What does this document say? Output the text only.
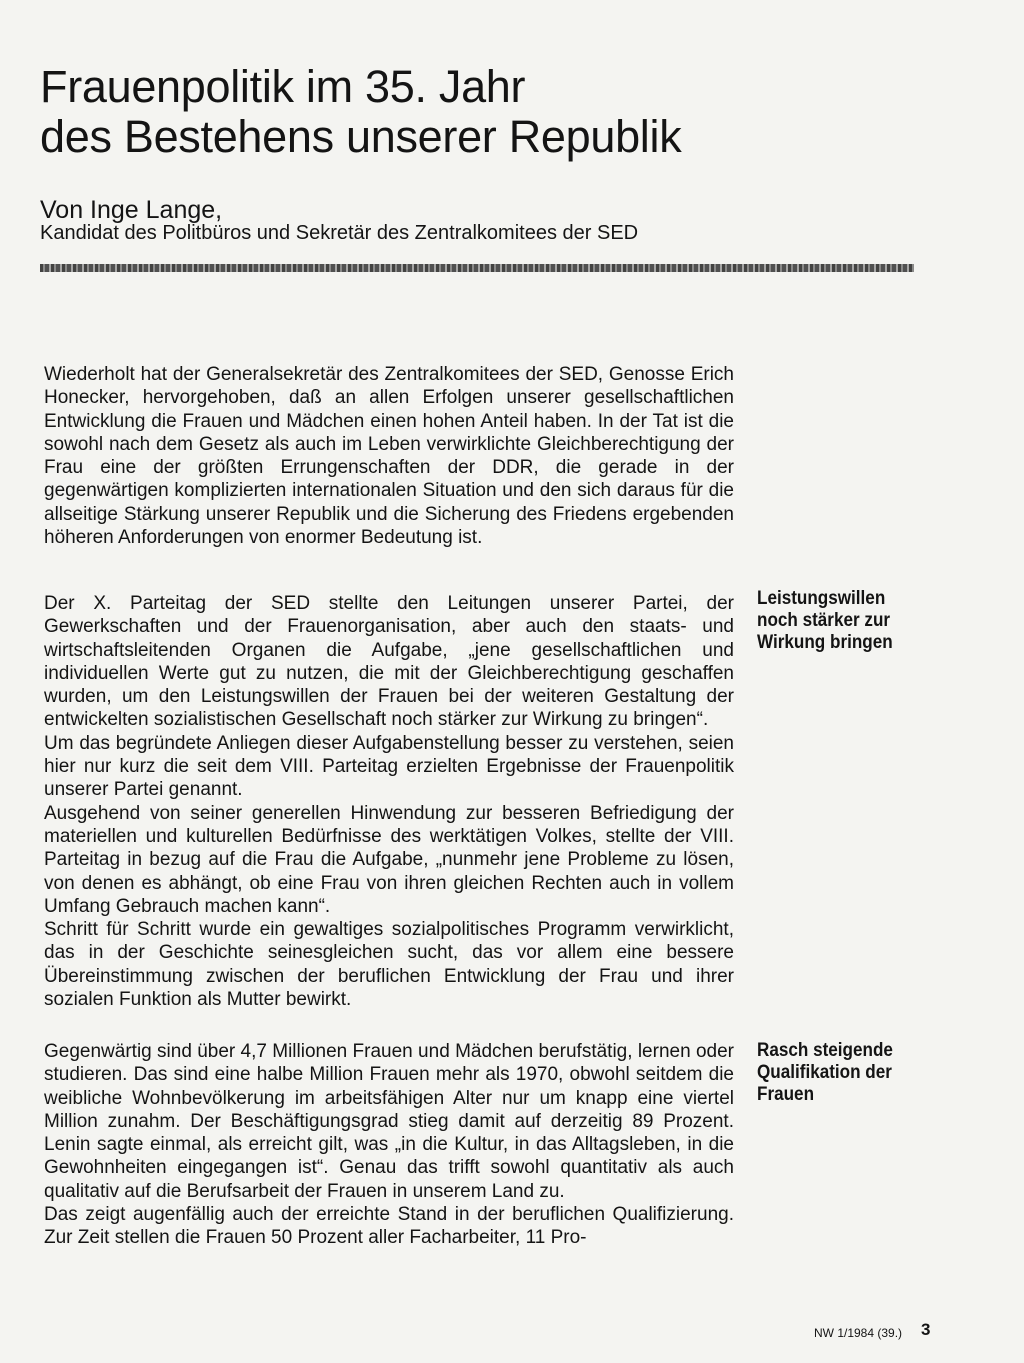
Frauenpolitik im 35. Jahr
des Bestehens unserer Republik
Von Inge Lange,
Kandidat des Politbüros und Sekretär des Zentralkomitees der SED

Wiederholt hat der Generalsekretär des Zentralkomitees der SED, Genosse Erich Honecker, hervorgehoben, daß an allen Erfolgen unserer gesellschaftlichen Entwicklung die Frauen und Mädchen einen hohen Anteil haben. In der Tat ist die sowohl nach dem Gesetz als auch im Leben verwirklichte Gleichberechtigung der Frau eine der größten Errungenschaften der DDR, die gerade in der gegenwärtigen komplizierten internationalen Situation und den sich daraus für die allseitige Stärkung unserer Republik und die Sicherung des Friedens ergebenden höheren Anforderungen von enormer Bedeutung ist.

Der X. Parteitag der SED stellte den Leitungen unserer Partei, der Gewerkschaften und der Frauenorganisation, aber auch den staats- und wirtschaftsleitenden Organen die Aufgabe, „jene gesellschaftlichen und individuellen Werte gut zu nutzen, die mit der Gleichberechtigung geschaffen wurden, um den Leistungswillen der Frauen bei der weiteren Gestaltung der entwickelten sozialistischen Gesellschaft noch stärker zur Wirkung zu bringen“.

Um das begründete Anliegen dieser Aufgabenstellung besser zu verstehen, seien hier nur kurz die seit dem VIII. Parteitag erzielten Ergebnisse der Frauenpolitik unserer Partei genannt.

Ausgehend von seiner generellen Hinwendung zur besseren Befriedigung der materiellen und kulturellen Bedürfnisse des werktätigen Volkes, stellte der VIII. Parteitag in bezug auf die Frau die Aufgabe, „nunmehr jene Probleme zu lösen, von denen es abhängt, ob eine Frau von ihren gleichen Rechten auch in vollem Umfang Gebrauch machen kann“.

Schritt für Schritt wurde ein gewaltiges sozialpolitisches Programm verwirklicht, das in der Geschichte seinesgleichen sucht, das vor allem eine bessere Übereinstimmung zwischen der beruflichen Entwicklung der Frau und ihrer sozialen Funktion als Mutter bewirkt.

Gegenwärtig sind über 4,7 Millionen Frauen und Mädchen berufstätig, lernen oder studieren. Das sind eine halbe Million Frauen mehr als 1970, obwohl seitdem die weibliche Wohnbevölkerung im arbeitsfähigen Alter nur um knapp eine viertel Million zunahm. Der Beschäftigungsgrad stieg damit auf derzeitig 89 Prozent. Lenin sagte einmal, als erreicht gilt, was „in die Kultur, in das Alltagsleben, in die Gewohnheiten eingegangen ist“. Genau das trifft sowohl quantitativ als auch qualitativ auf die Berufsarbeit der Frauen in unserem Land zu.

Das zeigt augenfällig auch der erreichte Stand in der beruflichen Qualifizierung. Zur Zeit stellen die Frauen 50 Prozent aller Facharbeiter, 11 Pro-

Leistungswillen noch stärker zur Wirkung bringen
Rasch steigende Qualifikation der Frauen
NW 1/1984 (39.) 3
